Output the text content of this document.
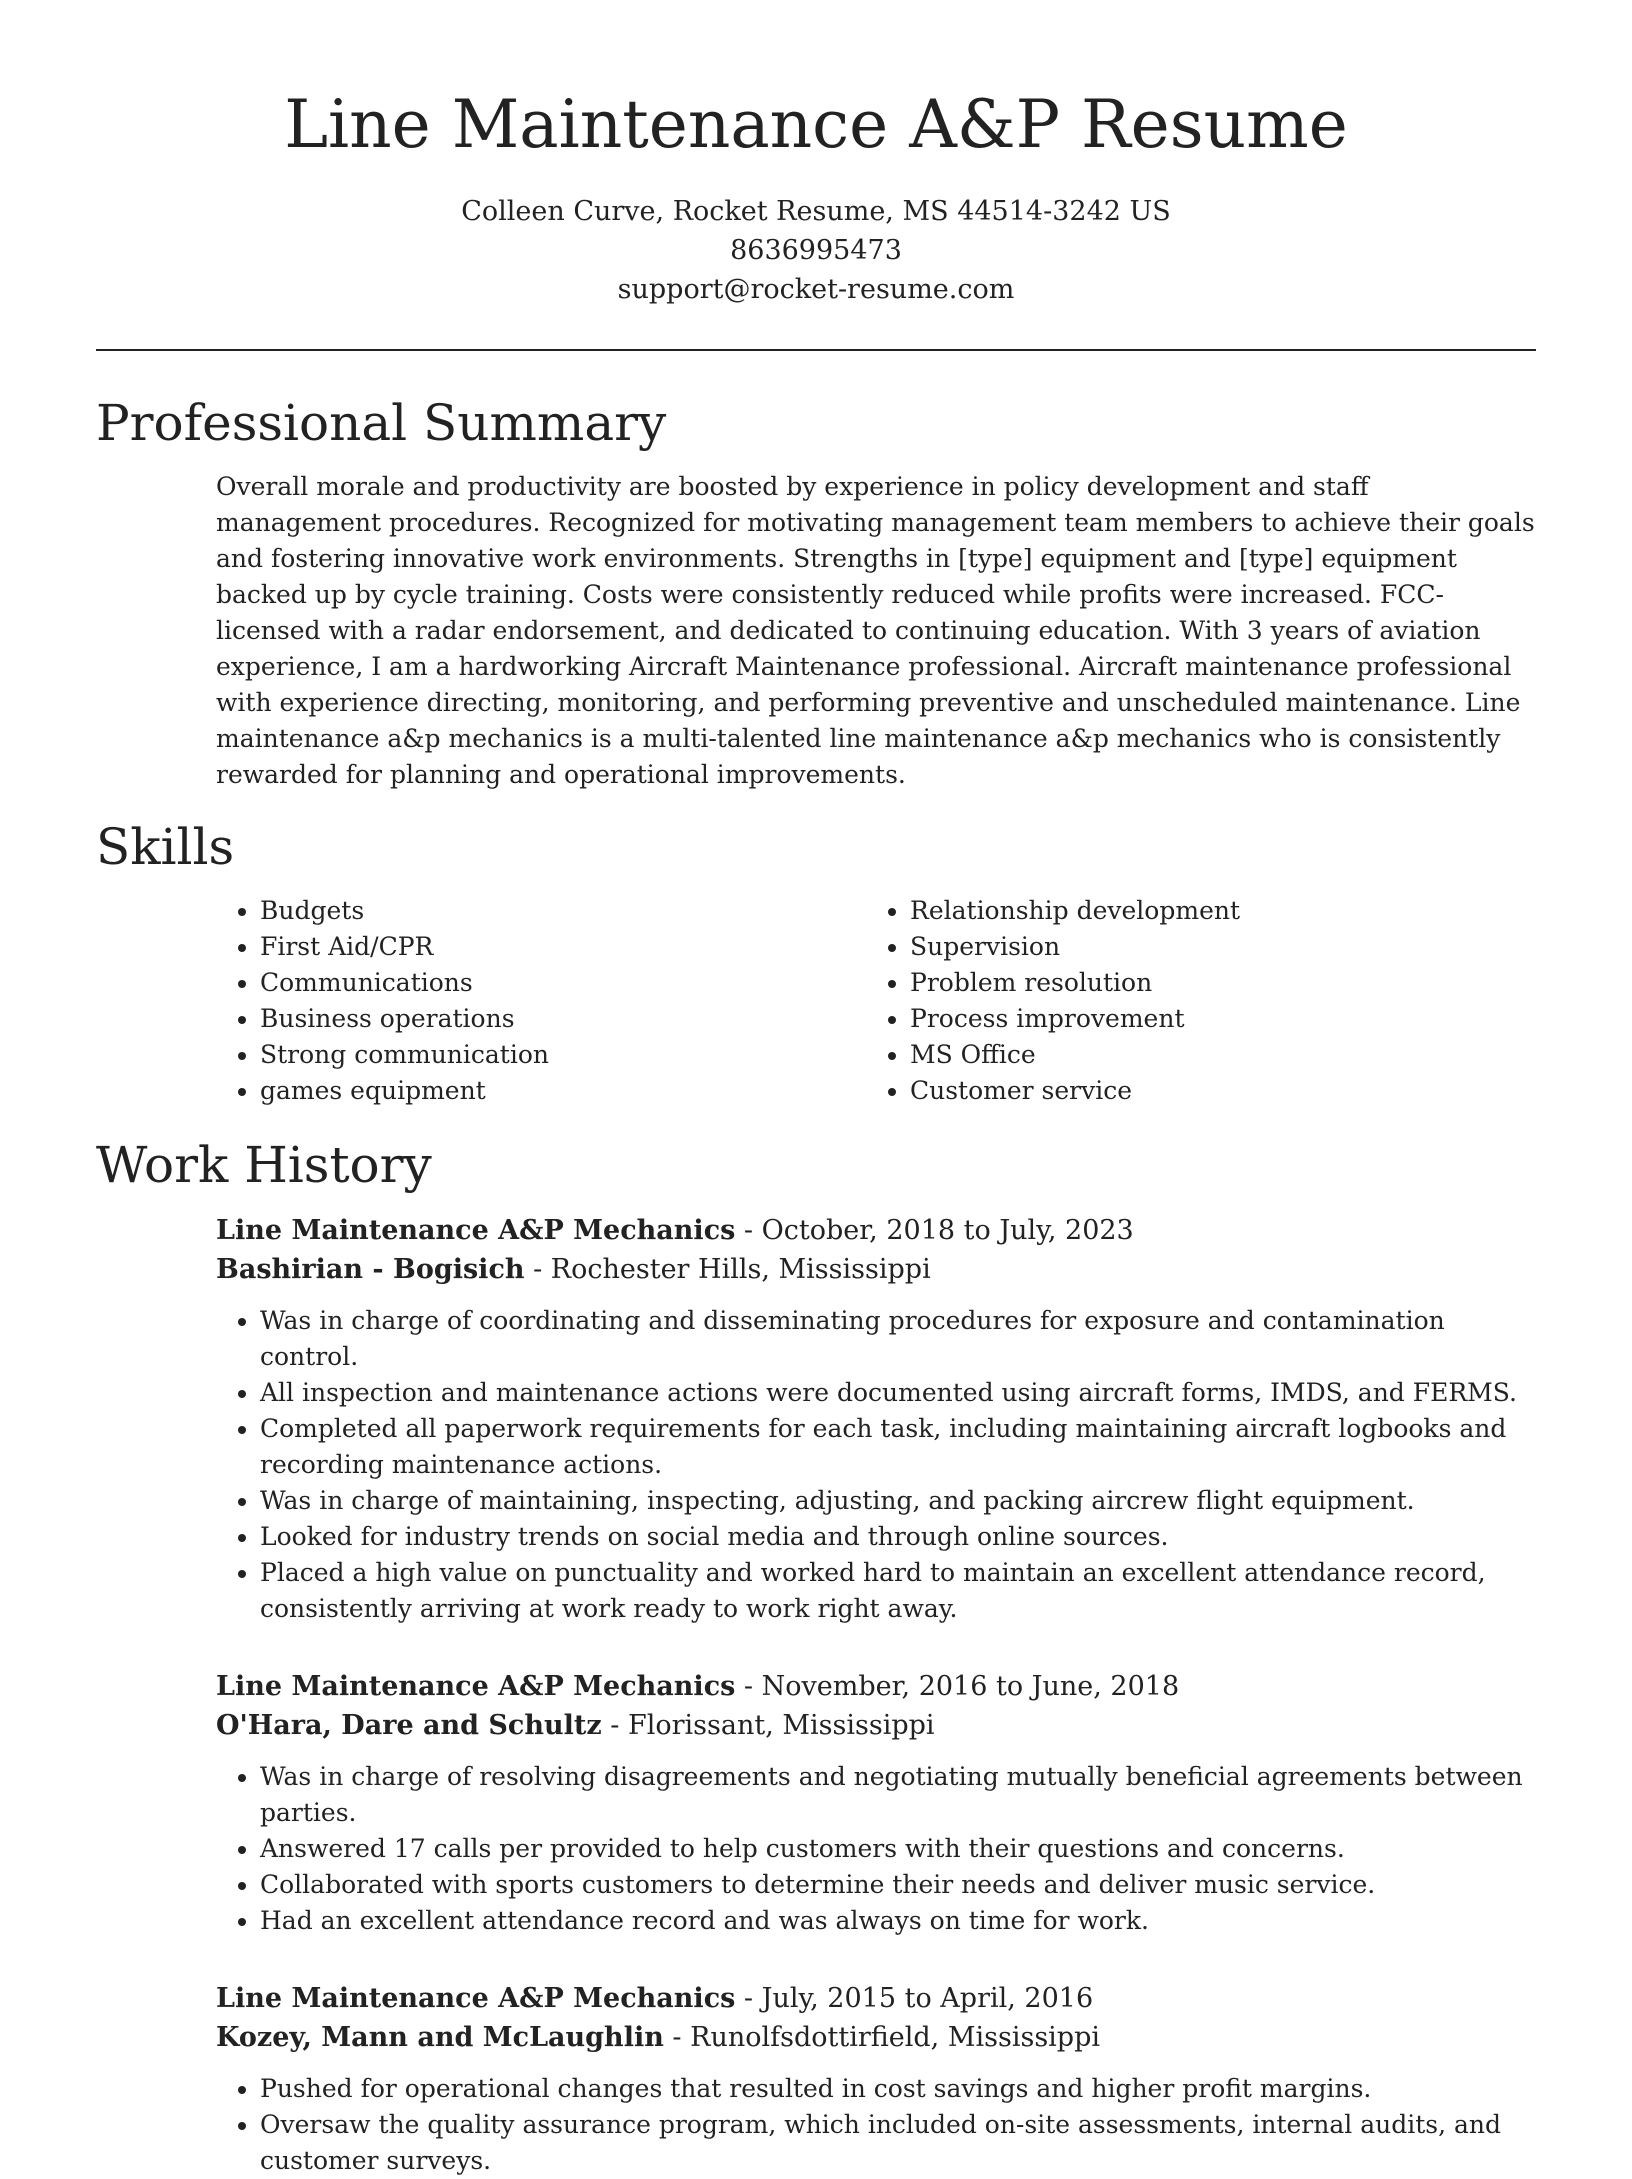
Line Maintenance A&P Resume
Colleen Curve, Rocket Resume, MS 44514-3242 US
8636995473
support@rocket-resume.com
Professional Summary

Overall morale and productivity are boosted by experience in policy development and staff management procedures. Recognized for motivating management team members to achieve their goals and fostering innovative work environments. Strengths in [type] equipment and [type] equipment backed up by cycle training. Costs were consistently reduced while profits were increased. FCC-licensed with a radar endorsement, and dedicated to continuing education. With 3 years of aviation experience, I am a hardworking Aircraft Maintenance professional. Aircraft maintenance professional with experience directing, monitoring, and performing preventive and unscheduled maintenance. Line maintenance a&p mechanics is a multi-talented line maintenance a&p mechanics who is consistently rewarded for planning and operational improvements.

Skills
• Budgets
• First Aid/CPR
• Communications
• Business operations
• Strong communication
• games equipment
• Relationship development
• Supervision
• Problem resolution
• Process improvement
• MS Office
• Customer service
Work History
Line Maintenance A&P Mechanics - October, 2018 to July, 2023
Bashirian - Bogisich - Rochester Hills, Mississippi
• Was in charge of coordinating and disseminating procedures for exposure and contamination control.
• All inspection and maintenance actions were documented using aircraft forms, IMDS, and FERMS.
• Completed all paperwork requirements for each task, including maintaining aircraft logbooks and recording maintenance actions.
• Was in charge of maintaining, inspecting, adjusting, and packing aircrew flight equipment.
• Looked for industry trends on social media and through online sources.
• Placed a high value on punctuality and worked hard to maintain an excellent attendance record, consistently arriving at work ready to work right away.
Line Maintenance A&P Mechanics - November, 2016 to June, 2018
O'Hara, Dare and Schultz - Florissant, Mississippi
• Was in charge of resolving disagreements and negotiating mutually beneficial agreements between parties.
• Answered 17 calls per provided to help customers with their questions and concerns.
• Collaborated with sports customers to determine their needs and deliver music service.
• Had an excellent attendance record and was always on time for work.
Line Maintenance A&P Mechanics - July, 2015 to April, 2016
Kozey, Mann and McLaughlin - Runolfsdottirfield, Mississippi
• Pushed for operational changes that resulted in cost savings and higher profit margins.
• Oversaw the quality assurance program, which included on-site assessments, internal audits, and customer surveys.
